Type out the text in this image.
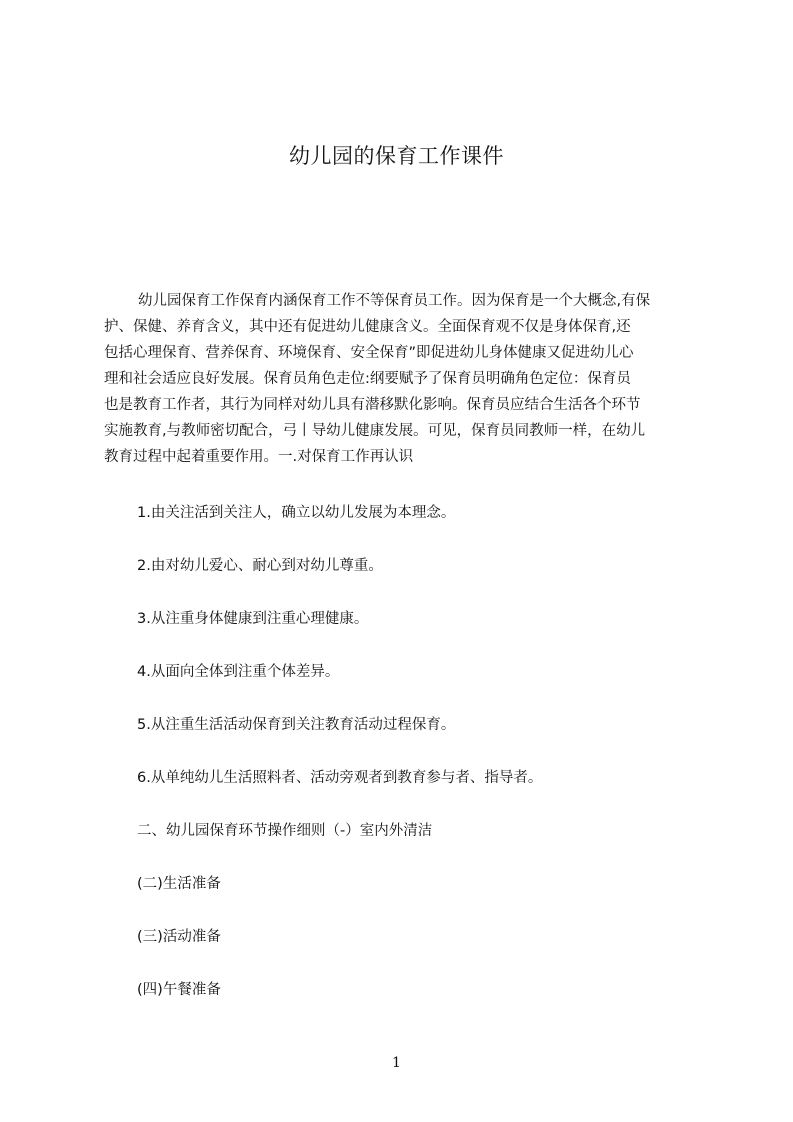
幼儿园的保育工作课件
幼儿园保育工作保育内涵保育工作不等保育员工作。因为保育是一个大概念,有保
护、保健、养育含义，其中还有促进幼儿健康含义。全面保育观不仅是身体保育,还
包括心理保育、营养保育、环境保育、安全保育”即促进幼儿身体健康又促进幼儿心
理和社会适应良好发展。保育员角色走位:纲要赋予了保育员明确角色定位：保育员
也是教育工作者，其行为同样对幼儿具有潜移默化影响。保育员应结合生活各个环节
实施教育,与教师密切配合，弓丨导幼儿健康发展。可见，保育员同教师一样，在幼儿
教育过程中起着重要作用。一.对保育工作再认识
1.由关注活到关注人，确立以幼儿发展为本理念。
2.由对幼儿爱心、耐心到对幼儿尊重。
3.从注重身体健康到注重心理健康。
4.从面向全体到注重个体差异。
5.从注重生活活动保育到关注教育活动过程保育。
6.从单纯幼儿生活照料者、活动旁观者到教育参与者、指导者。
二、幼儿园保育环节操作细则（-）室内外清洁
(二)生活准备
(三)活动准备
(四)午餐准备
1
